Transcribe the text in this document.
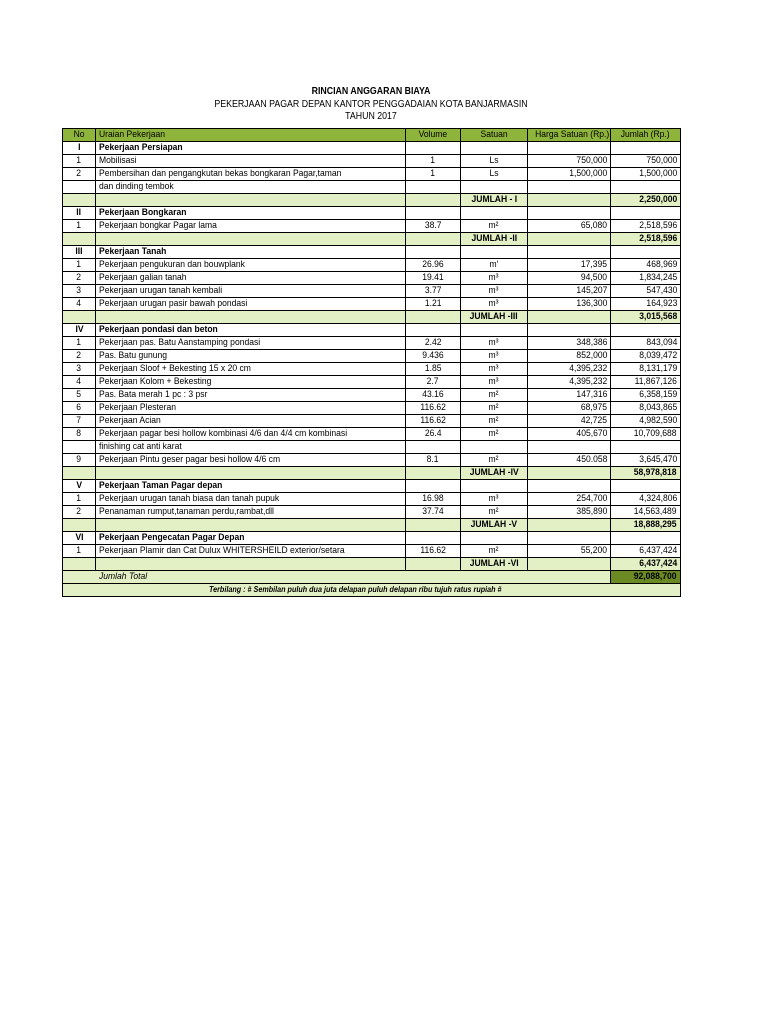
RINCIAN ANGGARAN BIAYA
PEKERJAAN PAGAR DEPAN KANTOR PENGGADAIAN KOTA BANJARMASIN
TAHUN 2017
No	Uraian Pekerjaan	Volume	Satuan	Harga Satuan (Rp.)	Jumlah (Rp.)
I	Pekerjaan Persiapan				
1	Mobilisasi	1	Ls	750,000	750,000
2	Pembersihan dan pengangkutan bekas bongkaran Pagar,taman	1	Ls	1,500,000	1,500,000
	dan dinding tembok				
			JUMLAH - I		2,250,000
II	Pekerjaan Bongkaran				
1	Pekerjaan bongkar Pagar lama	38.7	m²	65,080	2,518,596
			JUMLAH -II		2,518,596
III	Pekerjaan Tanah				
1	Pekerjaan pengukuran dan bouwplank	26.96	m'	17,395	468,969
2	Pekerjaan galian tanah	19.41	m³	94,500	1,834,245
3	Pekerjaan urugan tanah kembali	3.77	m³	145,207	547,430
4	Pekerjaan urugan pasir bawah pondasi	1.21	m³	136,300	164,923
			JUMLAH -III		3,015,568
IV	Pekerjaan pondasi dan beton				
1	Pekerjaan pas. Batu Aanstamping pondasi	2.42	m³	348,386	843,094
2	Pas. Batu gunung	9.436	m³	852,000	8,039,472
3	Pekerjaan Sloof + Bekesting 15 x 20 cm	1.85	m³	4,395,232	8,131,179
4	Pekerjaan Kolom + Bekesting	2.7	m³	4,395,232	11,867,126
5	Pas. Bata merah 1 pc : 3 psr	43.16	m²	147,316	6,358,159
6	Pekerjaan Plesteran	116.62	m²	68,975	8,043,865
7	Pekerjaan Acian	116.62	m²	42,725	4,982,590
8	Pekerjaan pagar besi hollow kombinasi 4/6 dan 4/4 cm kombinasi	26.4	m²	405,670	10,709,688
	finishing cat anti karat				
9	Pekerjaan Pintu geser pagar besi hollow 4/6 cm	8.1	m²	450.058	3,645,470
			JUMLAH -IV		58,978,818
V	Pekerjaan Taman Pagar depan				
1	Pekerjaan urugan tanah biasa dan tanah pupuk	16.98	m³	254,700	4,324,806
2	Penanaman rumput,tanaman perdu,rambat,dll	37.74	m²	385,890	14,563,489
			JUMLAH -V		18,888,295
VI	Pekerjaan Pengecatan Pagar Depan				
1	Pekerjaan Plamir dan Cat Dulux WHITERSHEILD exterior/setara	116.62	m²	55,200	6,437,424
			JUMLAH -VI		6,437,424
Jumlah Total					92,088,700
Terbilang : # Sembilan puluh dua juta delapan puluh delapan ribu tujuh ratus rupiah #					
